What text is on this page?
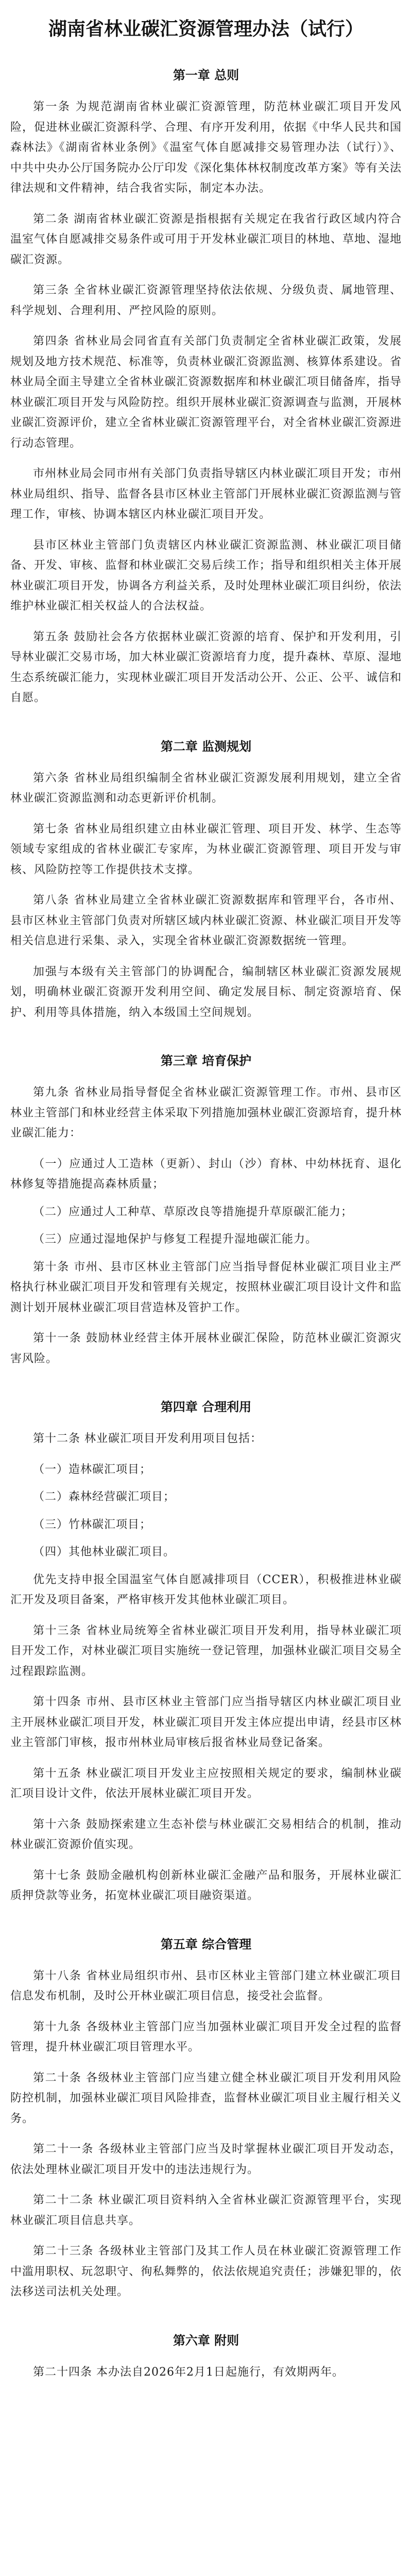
湖南省林业碳汇资源管理办法（试行）
第一章 总则

第一条 为规范湖南省林业碳汇资源管理，防范林业碳汇项目开发风险，促进林业碳汇资源科学、合理、有序开发利用，依据《中华人民共和国森林法》《湖南省林业条例》《温室气体自愿减排交易管理办法（试行）》、中共中央办公厅国务院办公厅印发《深化集体林权制度改革方案》等有关法律法规和文件精神，结合我省实际，制定本办法。

第二条 湖南省林业碳汇资源是指根据有关规定在我省行政区域内符合温室气体自愿减排交易条件或可用于开发林业碳汇项目的林地、草地、湿地碳汇资源。

第三条 全省林业碳汇资源管理坚持依法依规、分级负责、属地管理、科学规划、合理利用、严控风险的原则。

第四条 省林业局会同省直有关部门负责制定全省林业碳汇政策，发展规划及地方技术规范、标准等，负责林业碳汇资源监测、核算体系建设。省林业局全面主导建立全省林业碳汇资源数据库和林业碳汇项目储备库，指导林业碳汇项目开发与风险防控。组织开展林业碳汇资源调查与监测，开展林业碳汇资源评价，建立全省林业碳汇资源管理平台，对全省林业碳汇资源进行动态管理。

市州林业局会同市州有关部门负责指导辖区内林业碳汇项目开发；市州林业局组织、指导、监督各县市区林业主管部门开展林业碳汇资源监测与管理工作，审核、协调本辖区内林业碳汇项目开发。

县市区林业主管部门负责辖区内林业碳汇资源监测、林业碳汇项目储备、开发、审核、监督和林业碳汇交易后续工作；指导和组织相关主体开展林业碳汇项目开发，协调各方利益关系，及时处理林业碳汇项目纠纷，依法维护林业碳汇相关权益人的合法权益。

第五条 鼓励社会各方依据林业碳汇资源的培育、保护和开发利用，引导林业碳汇交易市场，加大林业碳汇资源培育力度，提升森林、草原、湿地生态系统碳汇能力，实现林业碳汇项目开发活动公开、公正、公平、诚信和自愿。

第二章 监测规划

第六条 省林业局组织编制全省林业碳汇资源发展利用规划，建立全省林业碳汇资源监测和动态更新评价机制。

第七条 省林业局组织建立由林业碳汇管理、项目开发、林学、生态等领域专家组成的省林业碳汇专家库，为林业碳汇资源管理、项目开发与审核、风险防控等工作提供技术支撑。

第八条 省林业局建立全省林业碳汇资源数据库和管理平台，各市州、县市区林业主管部门负责对所辖区域内林业碳汇资源、林业碳汇项目开发等相关信息进行采集、录入，实现全省林业碳汇资源数据统一管理。

加强与本级有关主管部门的协调配合，编制辖区林业碳汇资源发展规划，明确林业碳汇资源开发利用空间、确定发展目标、制定资源培育、保护、利用等具体措施，纳入本级国土空间规划。

第三章 培育保护

第九条 省林业局指导督促全省林业碳汇资源管理工作。市州、县市区林业主管部门和林业经营主体采取下列措施加强林业碳汇资源培育，提升林业碳汇能力：

（一）应通过人工造林（更新）、封山（沙）育林、中幼林抚育、退化林修复等措施提高森林质量；

（二）应通过人工种草、草原改良等措施提升草原碳汇能力；

（三）应通过湿地保护与修复工程提升湿地碳汇能力。

第十条 市州、县市区林业主管部门应当指导督促林业碳汇项目业主严格执行林业碳汇项目开发和管理有关规定，按照林业碳汇项目设计文件和监测计划开展林业碳汇项目营造林及管护工作。

第十一条 鼓励林业经营主体开展林业碳汇保险，防范林业碳汇资源灾害风险。

第四章 合理利用

第十二条 林业碳汇项目开发利用项目包括：

（一）造林碳汇项目；

（二）森林经营碳汇项目；

（三）竹林碳汇项目；

（四）其他林业碳汇项目。

优先支持申报全国温室气体自愿减排项目（CCER），积极推进林业碳汇开发及项目备案，严格审核开发其他林业碳汇项目。

第十三条 省林业局统筹全省林业碳汇项目开发利用，指导林业碳汇项目开发工作，对林业碳汇项目实施统一登记管理，加强林业碳汇项目交易全过程跟踪监测。

第十四条 市州、县市区林业主管部门应当指导辖区内林业碳汇项目业主开展林业碳汇项目开发，林业碳汇项目开发主体应提出申请，经县市区林业主管部门审核，报市州林业局审核后报省林业局登记备案。

第十五条 林业碳汇项目开发业主应按照相关规定的要求，编制林业碳汇项目设计文件，依法开展林业碳汇项目开发。

第十六条 鼓励探索建立生态补偿与林业碳汇交易相结合的机制，推动林业碳汇资源价值实现。

第十七条 鼓励金融机构创新林业碳汇金融产品和服务，开展林业碳汇质押贷款等业务，拓宽林业碳汇项目融资渠道。

第五章 综合管理

第十八条 省林业局组织市州、县市区林业主管部门建立林业碳汇项目信息发布机制，及时公开林业碳汇项目信息，接受社会监督。

第十九条 各级林业主管部门应当加强林业碳汇项目开发全过程的监督管理，提升林业碳汇项目管理水平。

第二十条 各级林业主管部门应当建立健全林业碳汇项目开发利用风险防控机制，加强林业碳汇项目风险排查，监督林业碳汇项目业主履行相关义务。

第二十一条 各级林业主管部门应当及时掌握林业碳汇项目开发动态，依法处理林业碳汇项目开发中的违法违规行为。

第二十二条 林业碳汇项目资料纳入全省林业碳汇资源管理平台，实现林业碳汇项目信息共享。

第二十三条 各级林业主管部门及其工作人员在林业碳汇资源管理工作中滥用职权、玩忽职守、徇私舞弊的，依法依规追究责任；涉嫌犯罪的，依法移送司法机关处理。

第六章 附则

第二十四条 本办法自2026年2月1日起施行，有效期两年。
